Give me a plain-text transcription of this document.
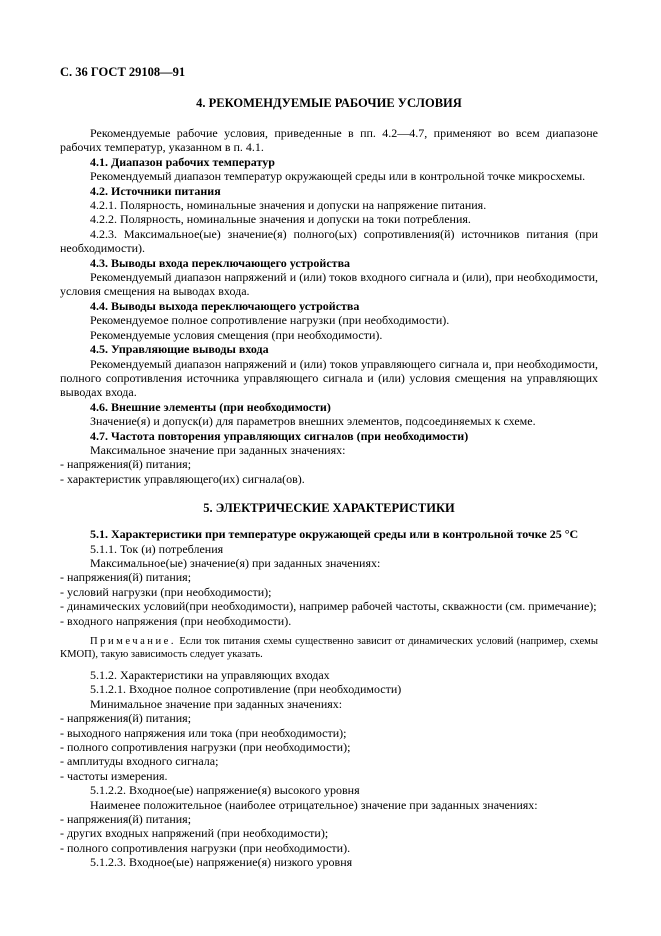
С. 36 ГОСТ 29108—91

4. РЕКОМЕНДУЕМЫЕ РАБОЧИЕ УСЛОВИЯ

Рекомендуемые рабочие условия, приведенные в пп. 4.2—4.7, применяют во всем диапазоне рабочих температур, указанном в п. 4.1.

4.1. Диапазон рабочих температур

Рекомендуемый диапазон температур окружающей среды или в контрольной точке микросхемы.

4.2. Источники питания

4.2.1. Полярность, номинальные значения и допуски на напряжение питания.

4.2.2. Полярность, номинальные значения и допуски на токи потребления.

4.2.3. Максимальное(ые) значение(я) полного(ых) сопротивления(й) источников питания (при необходимости).

4.3. Выводы входа переключающего устройства

Рекомендуемый диапазон напряжений и (или) токов входного сигнала и (или), при необходимости, условия смещения на выводах входа.

4.4. Выводы выхода переключающего устройства

Рекомендуемое полное сопротивление нагрузки (при необходимости).

Рекомендуемые условия смещения (при необходимости).

4.5. Управляющие выводы входа

Рекомендуемый диапазон напряжений и (или) токов управляющего сигнала и, при необходимости, полного сопротивления источника управляющего сигнала и (или) условия смещения на управляющих выводах входа.

4.6. Внешние элементы (при необходимости)

Значение(я) и допуск(и) для параметров внешних элементов, подсоединяемых к схеме.

4.7. Частота повторения управляющих сигналов (при необходимости)

Максимальное значение при заданных значениях:

- напряжения(й) питания;

- характеристик управляющего(их) сигнала(ов).

5. ЭЛЕКТРИЧЕСКИЕ ХАРАКТЕРИСТИКИ

5.1. Характеристики при температуре окружающей среды или в контрольной точке 25 °С

5.1.1. Ток (и) потребления

Максимальное(ые) значение(я) при заданных значениях:

- напряжения(й) питания;

- условий нагрузки (при необходимости);

- динамических условий(при необходимости), например рабочей частоты, скважности (см. примечание);

- входного напряжения (при необходимости).

Примечание. Если ток питания схемы существенно зависит от динамических условий (например, схемы КМОП), такую зависимость следует указать.

5.1.2. Характеристики на управляющих входах

5.1.2.1. Входное полное сопротивление (при необходимости)

Минимальное значение при заданных значениях:

- напряжения(й) питания;

- выходного напряжения или тока (при необходимости);

- полного сопротивления нагрузки (при необходимости);

- амплитуды входного сигнала;

- частоты измерения.

5.1.2.2. Входное(ые) напряжение(я) высокого уровня

Наименее положительное (наиболее отрицательное) значение при заданных значениях:

- напряжения(й) питания;

- других входных напряжений (при необходимости);

- полного сопротивления нагрузки (при необходимости).

5.1.2.3. Входное(ые) напряжение(я) низкого уровня
